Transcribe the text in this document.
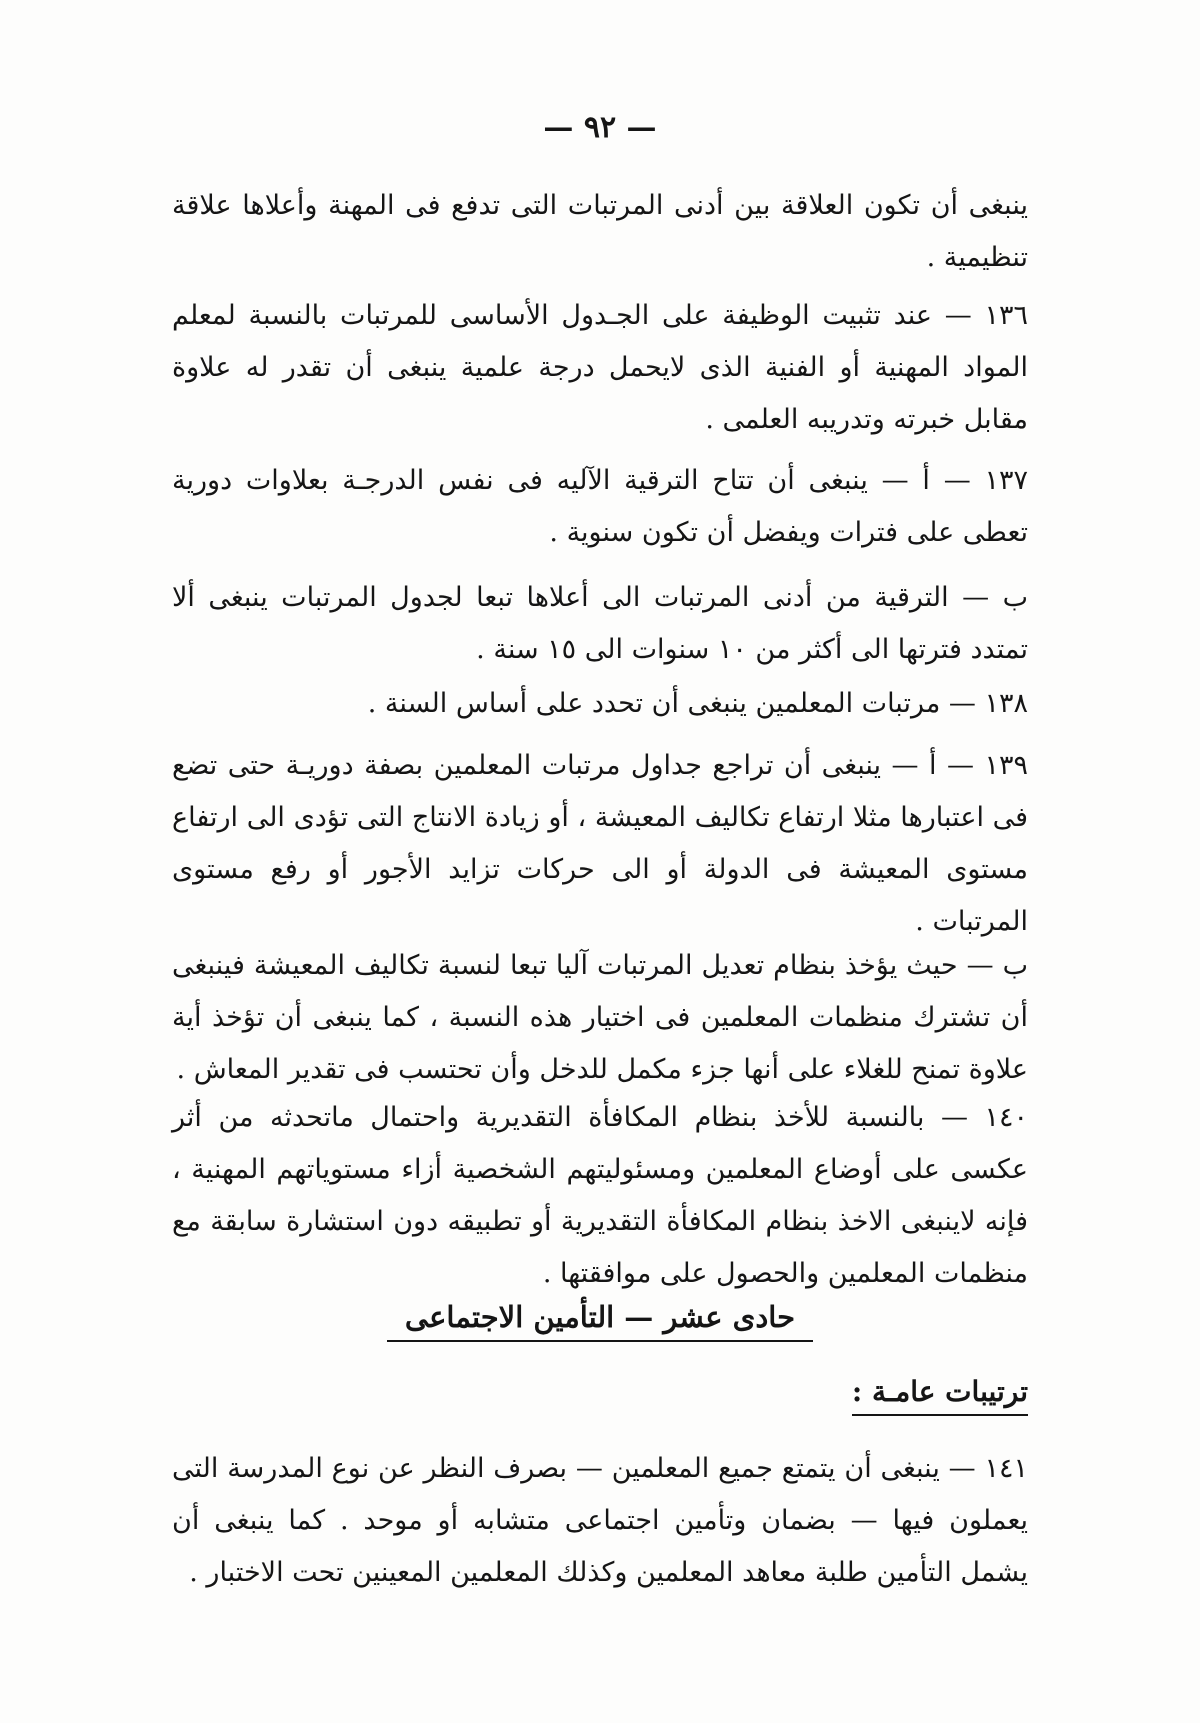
— ٩٢ —
ينبغى أن تكون العلاقة بين أدنى المرتبات التى تدفع فى المهنة وأعلاها علاقة تنظيمية .
١٣٦ — عند تثبيت الوظيفة على الجـدول الأساسى للمرتبات بالنسبة لمعلم المواد المهنية أو الفنية الذى لايحمل درجة علمية ينبغى أن تقدر له علاوة مقابل خبرته وتدريبه العلمى .
١٣٧ — أ — ينبغى أن تتاح الترقية الآليه فى نفس الدرجـة بعلاوات دورية تعطى على فترات ويفضل أن تكون سنوية .
ب — الترقية من أدنى المرتبات الى أعلاها تبعا لجدول المرتبات ينبغى ألا تمتدد فترتها الى أكثر من ١٠ سنوات الى ١٥ سنة .
١٣٨ — مرتبات المعلمين ينبغى أن تحدد على أساس السنة .
١٣٩ — أ — ينبغى أن تراجع جداول مرتبات المعلمين بصفة دوريـة حتى تضع فى اعتبارها مثلا ارتفاع تكاليف المعيشة ، أو زيادة الانتاج التى تؤدى الى ارتفاع مستوى المعيشة فى الدولة أو الى حركات تزايد الأجور أو رفع مستوى المرتبات .
ب — حيث يؤخذ بنظام تعديل المرتبات آليا تبعا لنسبة تكاليف المعيشة فينبغى أن تشترك منظمات المعلمين فى اختيار هذه النسبة ، كما ينبغى أن تؤخذ أية علاوة تمنح للغلاء على أنها جزء مكمل للدخل وأن تحتسب فى تقدير المعاش .
١٤٠ — بالنسبة للأخذ بنظام المكافأة التقديرية واحتمال ماتحدثه من أثر عكسى على أوضاع المعلمين ومسئوليتهم الشخصية أزاء مستوياتهم المهنية ، فإنه لاينبغى الاخذ بنظام المكافأة التقديرية أو تطبيقه دون استشارة سابقة مع منظمات المعلمين والحصول على موافقتها .
حادى عشر — التأمين الاجتماعى
ترتيبات عامـة :
١٤١ — ينبغى أن يتمتع جميع المعلمين — بصرف النظر عن نوع المدرسة التى يعملون فيها — بضمان وتأمين اجتماعى متشابه أو موحد . كما ينبغى أن يشمل التأمين طلبة معاهد المعلمين وكذلك المعلمين المعينين تحت الاختبار .
